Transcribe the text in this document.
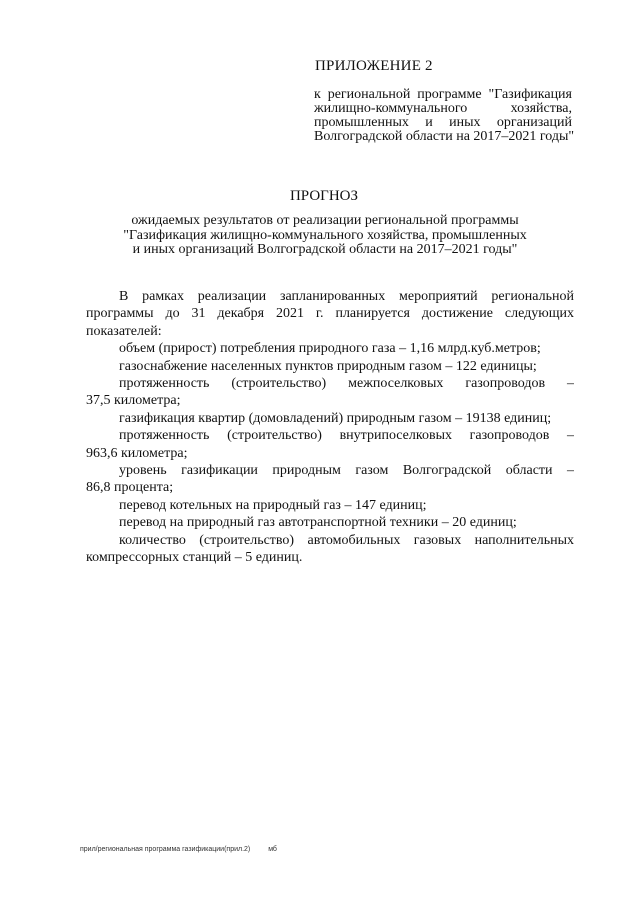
ПРИЛОЖЕНИЕ 2
к региональной программе "Газификация
жилищно-коммунального хозяйства,
промышленных и иных организаций
Волгоградской области на 2017–2021 годы"
ПРОГНОЗ
ожидаемых результатов от реализации региональной программы
"Газификация жилищно-коммунального хозяйства, промышленных
и иных организаций Волгоградской области на 2017–2021 годы"
В рамках реализации запланированных мероприятий региональной
программы до 31 декабря 2021 г. планируется достижение следующих
показателей:
объем (прирост) потребления природного газа – 1,16 млрд.куб.метров;
газоснабжение населенных пунктов природным газом – 122 единицы;
протяженность (строительство) межпоселковых газопроводов –
37,5 километра;
газификация квартир (домовладений) природным газом – 19138 единиц;
протяженность (строительство) внутрипоселковых газопроводов –
963,6 километра;
уровень газификации природным газом Волгоградской области –
86,8 процента;
перевод котельных на природный газ – 147 единиц;
перевод на природный газ автотранспортной техники – 20 единиц;
количество (строительство) автомобильных газовых наполнительных
компрессорных станций – 5 единиц.
прил/региональная программа газификации(прил.2)	мб
